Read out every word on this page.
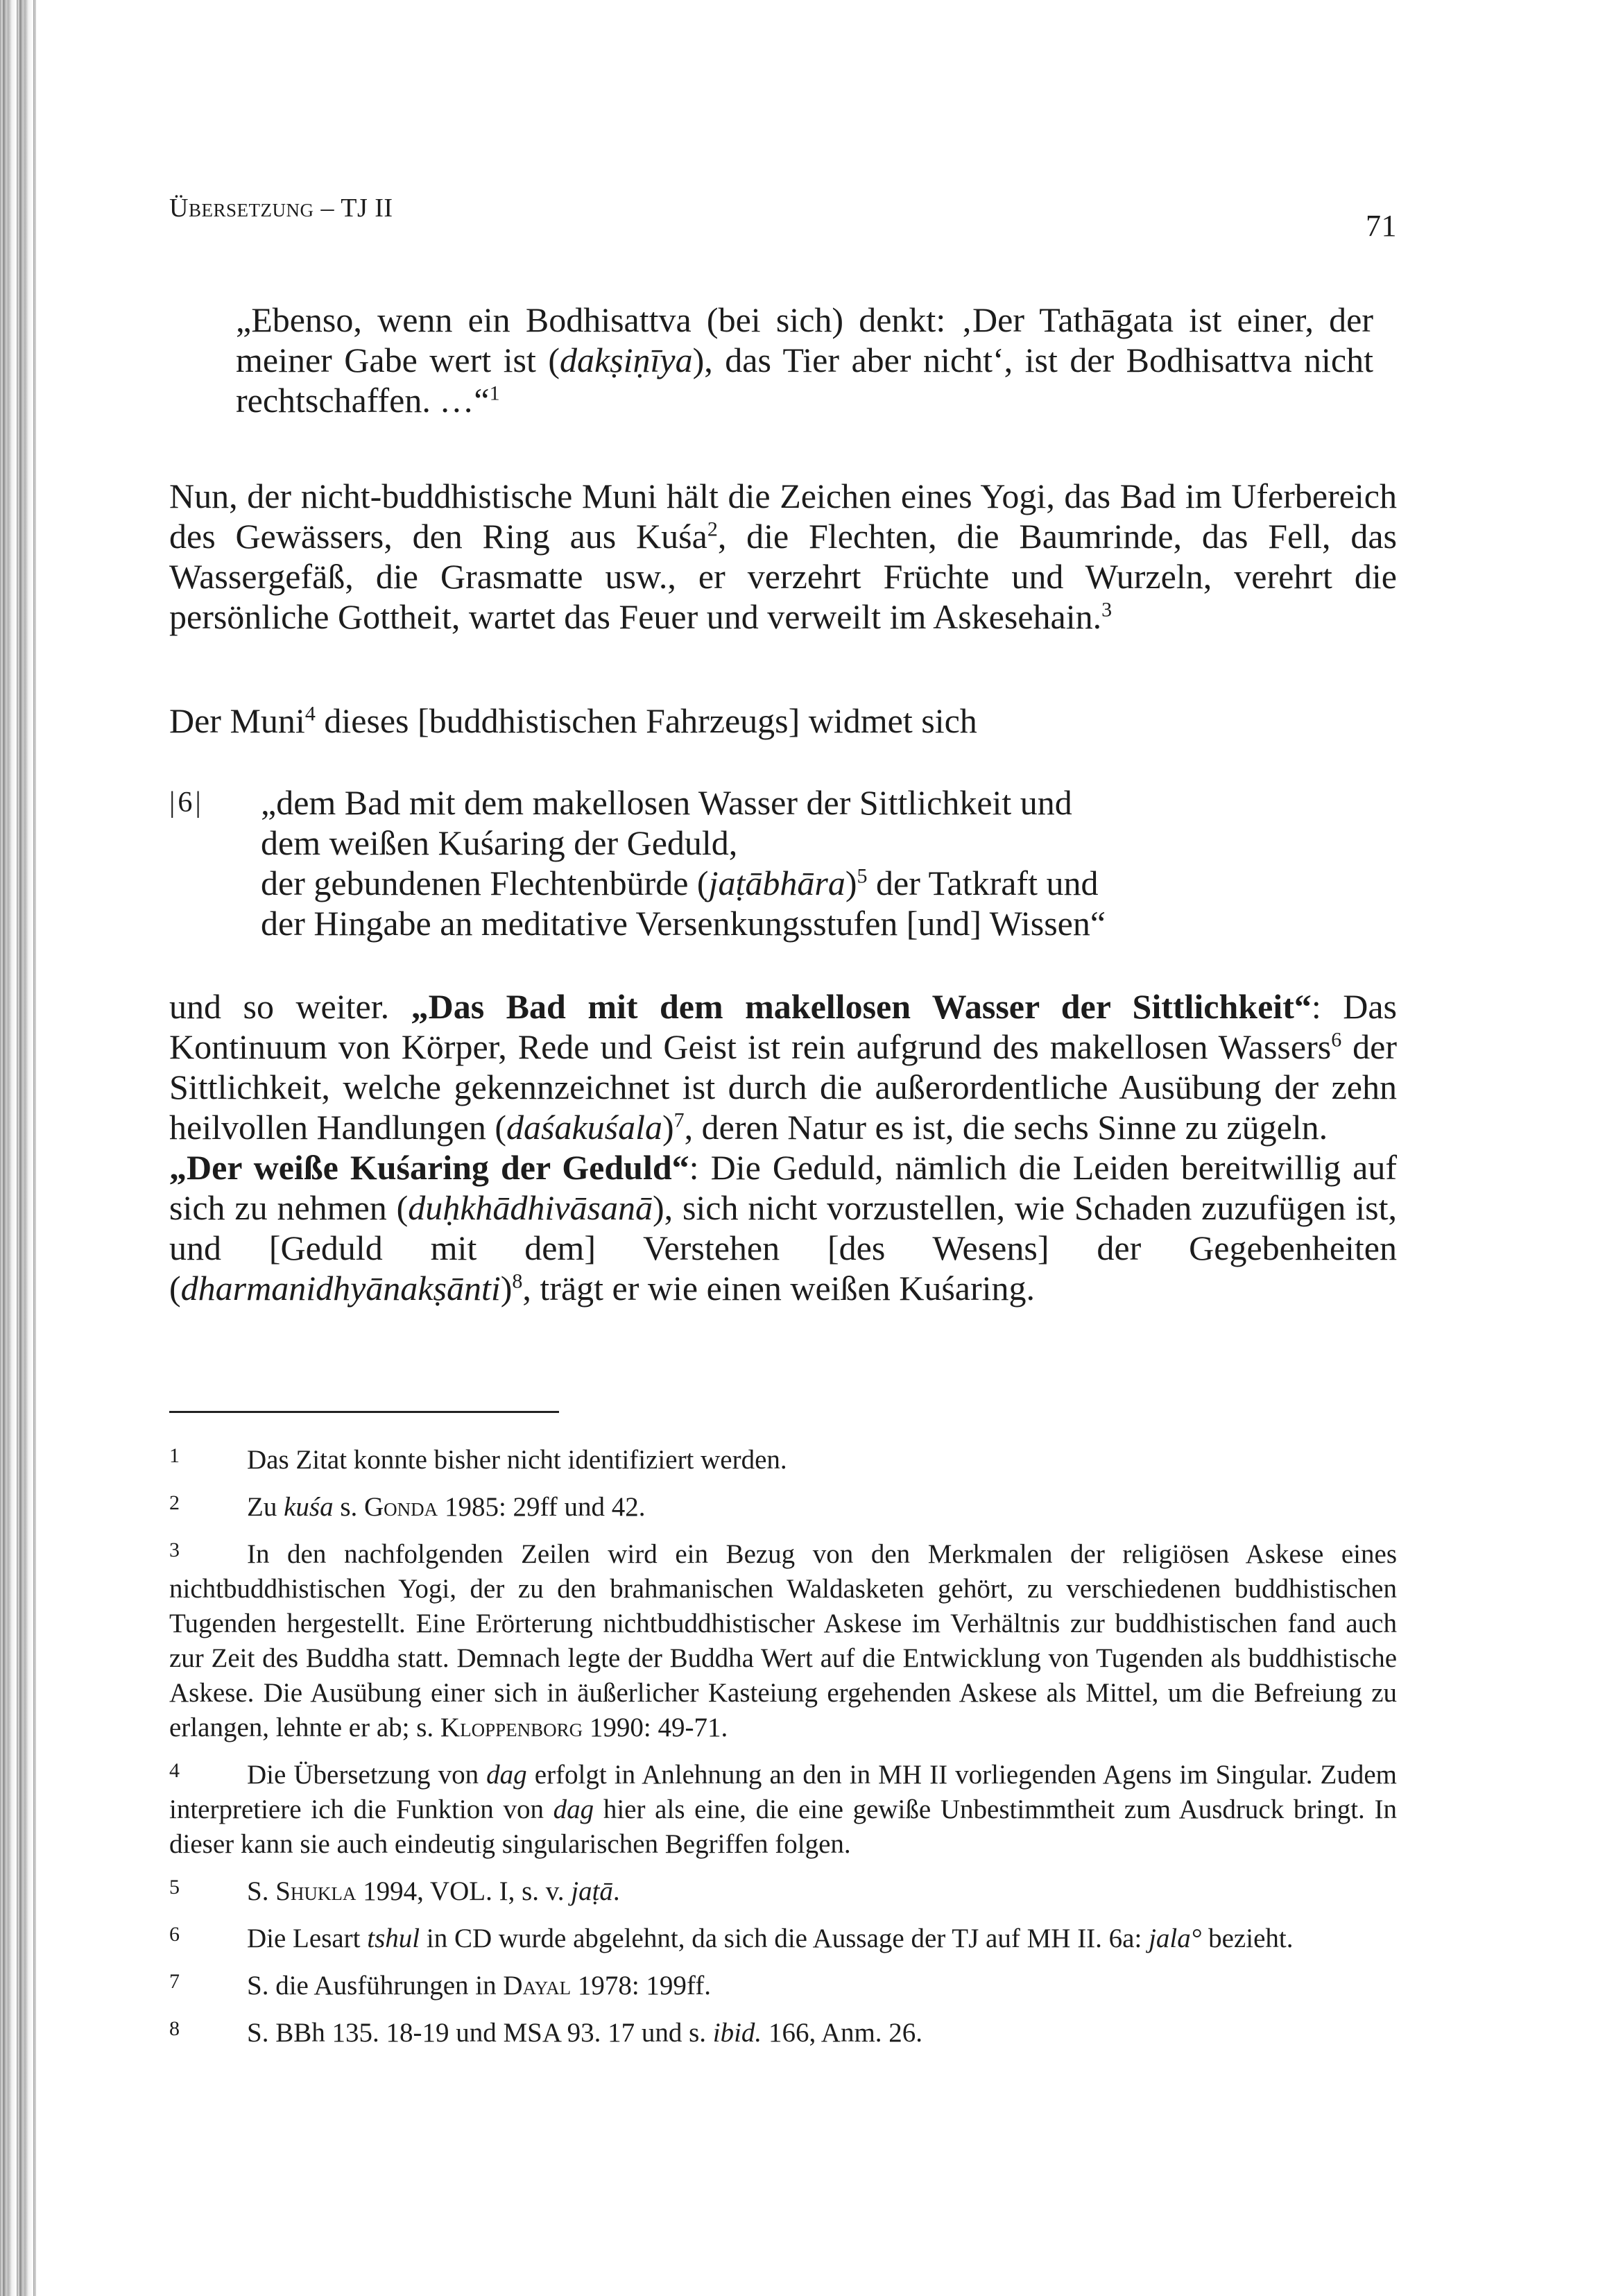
Übersetzung – TJ II
71
„Ebenso, wenn ein Bodhisattva (bei sich) denkt: ‚Der Tathāgata ist einer, der meiner Gabe wert ist (dakṣiṇīya), das Tier aber nicht‘, ist der Bodhisattva nicht rechtschaffen. …“$^1$
Nun, der nicht-buddhistische Muni hält die Zeichen eines Yogi, das Bad im Uferbereich des Gewässers, den Ring aus Kuśa$^2$, die Flechten, die Baumrinde, das Fell, das Wassergefäß, die Grasmatte usw., er verzehrt Früchte und Wurzeln, verehrt die persönliche Gottheit, wartet das Feuer und verweilt im Askesehain.$^3$
Der Muni$^4$ dieses [buddhistischen Fahrzeugs] widmet sich
|6| „dem Bad mit dem makellosen Wasser der Sittlichkeit und
dem weißen Kuśaring der Geduld,
der gebundenen Flechtenbürde (jaṭābhāra)$^5$ der Tatkraft und
der Hingabe an meditative Versenkungsstufen [und] Wissen“
und so weiter. „Das Bad mit dem makellosen Wasser der Sittlichkeit“: Das Kontinuum von Körper, Rede und Geist ist rein aufgrund des makellosen Wassers$^6$ der Sittlichkeit, welche gekennzeichnet ist durch die außerordentliche Ausübung der zehn heilvollen Handlungen (daśakuśala)$^7$, deren Natur es ist, die sechs Sinne zu zügeln.
„Der weiße Kuśaring der Geduld“: Die Geduld, nämlich die Leiden bereitwillig auf sich zu nehmen (duḥkhādhivāsanā), sich nicht vorzustellen, wie Schaden zuzufügen ist, und [Geduld mit dem] Verstehen [des Wesens] der Gegebenheiten (dharmanidhyānakṣānti)$^8$, trägt er wie einen weißen Kuśaring.
1	Das Zitat konnte bisher nicht identifiziert werden.
2	Zu kuśa s. Gonda 1985: 29ff und 42.
3	In den nachfolgenden Zeilen wird ein Bezug von den Merkmalen der religiösen Askese eines nichtbuddhistischen Yogi, der zu den brahmanischen Waldasketen gehört, zu verschiedenen buddhistischen Tugenden hergestellt. Eine Erörterung nichtbuddhistischer Askese im Verhältnis zur buddhistischen fand auch zur Zeit des Buddha statt. Demnach legte der Buddha Wert auf die Entwicklung von Tugenden als buddhistische Askese. Die Ausübung einer sich in äußerlicher Kasteiung ergehenden Askese als Mittel, um die Befreiung zu erlangen, lehnte er ab; s. Kloppenborg 1990: 49-71.
4	Die Übersetzung von dag erfolgt in Anlehnung an den in MH II vorliegenden Agens im Singular. Zudem interpretiere ich die Funktion von dag hier als eine, die eine gewiße Unbestimmtheit zum Ausdruck bringt. In dieser kann sie auch eindeutig singularischen Begriffen folgen.
5	S. Shukla 1994, VOL. I, s. v. jaṭā.
6	Die Lesart tshul in CD wurde abgelehnt, da sich die Aussage der TJ auf MH II. 6a: jala° bezieht.
7	S. die Ausführungen in Dayal 1978: 199ff.
8	S. BBh 135. 18-19 und MSA 93. 17 und s. ibid. 166, Anm. 26.
